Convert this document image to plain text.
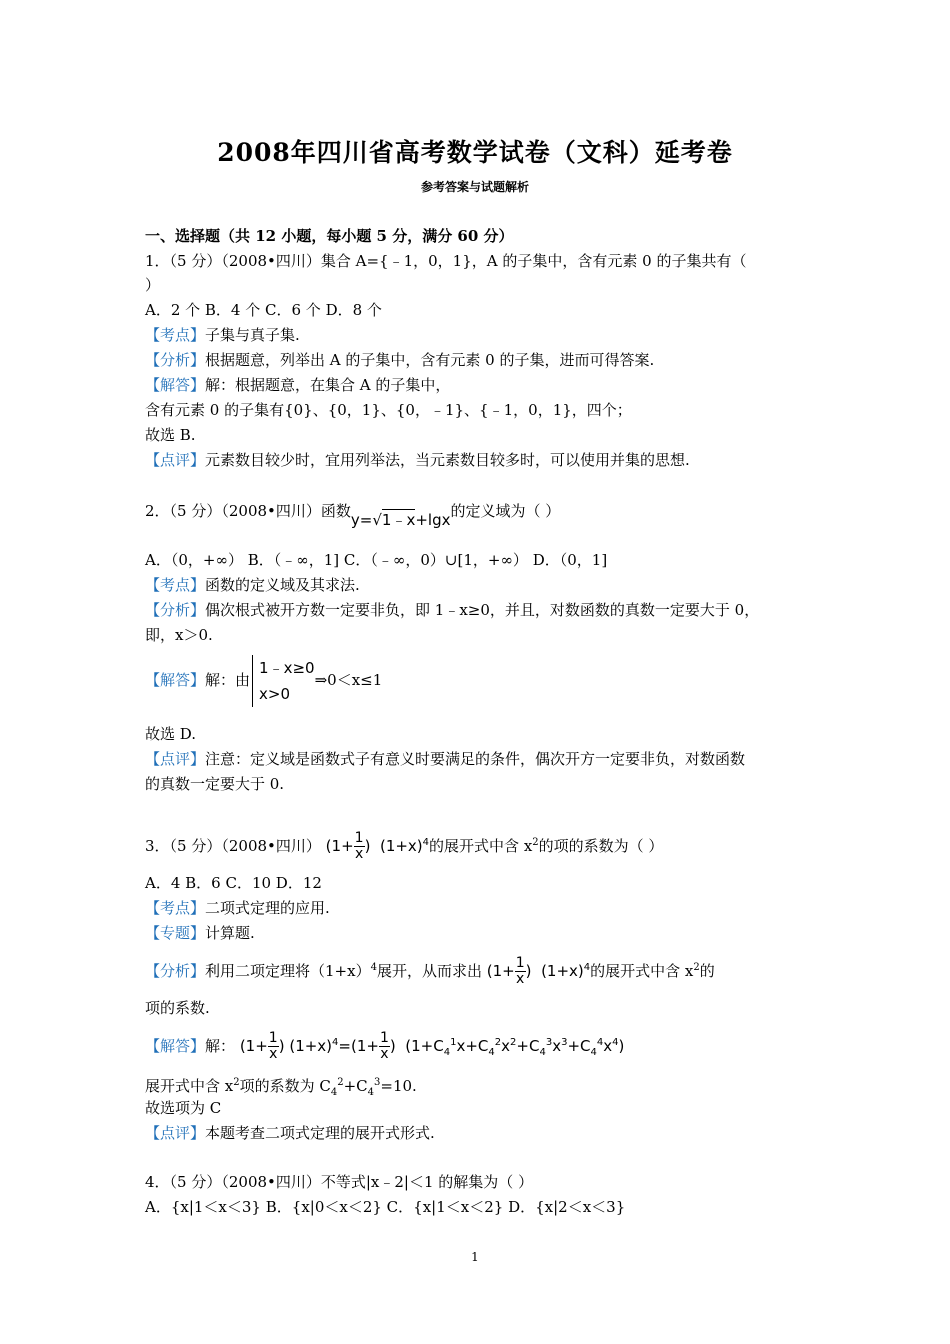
2008年四川省高考数学试卷（文科）延考卷
参考答案与试题解析
一、选择题（共 12 小题，每小题 5 分，满分 60 分）
1．（5 分）（2008•四川）集合 A={﹣1，0，1}，A 的子集中，含有元素 0 的子集共有（
）
A．2 个 B．4 个 C．6 个 D．8 个
【考点】子集与真子集.
【分析】根据题意，列举出 A 的子集中，含有元素 0 的子集，进而可得答案.
【解答】解：根据题意，在集合 A 的子集中，
含有元素 0 的子集有{0}、{0，1}、{0，﹣1}、{﹣1，0，1}，四个；
故选 B.
【点评】元素数目较少时，宜用列举法，当元素数目较多时，可以使用并集的思想.
2．（5 分）（2008•四川）函数y=√1﹣x+lgx的定义域为（ ）
A．（0，+∞） B．（﹣∞，1] C．（﹣∞，0）∪[1，+∞） D．（0，1]
【考点】函数的定义域及其求法.
【分析】偶次根式被开方数一定要非负，即 1﹣x≥0，并且，对数函数的真数一定要大于 0，
即，x＞0.
【解答】解：由
1﹣x≥0
x>0
⇒0＜x≤1
故选 D.
【点评】注意：定义域是函数式子有意义时要满足的条件，偶次开方一定要非负，对数函数
的真数一定要大于 0.
3．（5 分）（2008•四川） ($1+ \frac{1}{x}$ ) $(1+x)^4$的展开式中含 $x^2$的项的系数为（ ）
A．4 B．6 C．10 D．12
【考点】二项式定理的应用.
【专题】计算题.
【分析】利用二项定理将$(1+x)^4$展开，从而求出 ($1+ \frac{1}{x}$ ) $(1+x)^4$的展开式中含 $x^2$的
项的系数.
【解答】解： ($1+ \frac{1}{x}$ ) $(1+x)^4=(1+ \frac{1}{x}$ )  $(1+C_4^1x+C_4^2x^2+C_4^3x^3+C_4^4x^4)$
展开式中含 $x^2$项的系数为 $C_4^2+C_4^3=10$.
故选项为 C
【点评】本题考查二项式定理的展开式形式.
4．（5 分）（2008•四川）不等式|x﹣2|＜1 的解集为（ ）
A．{x|1＜x＜3} B．{x|0＜x＜2} C．{x|1＜x＜2} D．{x|2＜x＜3}
1
